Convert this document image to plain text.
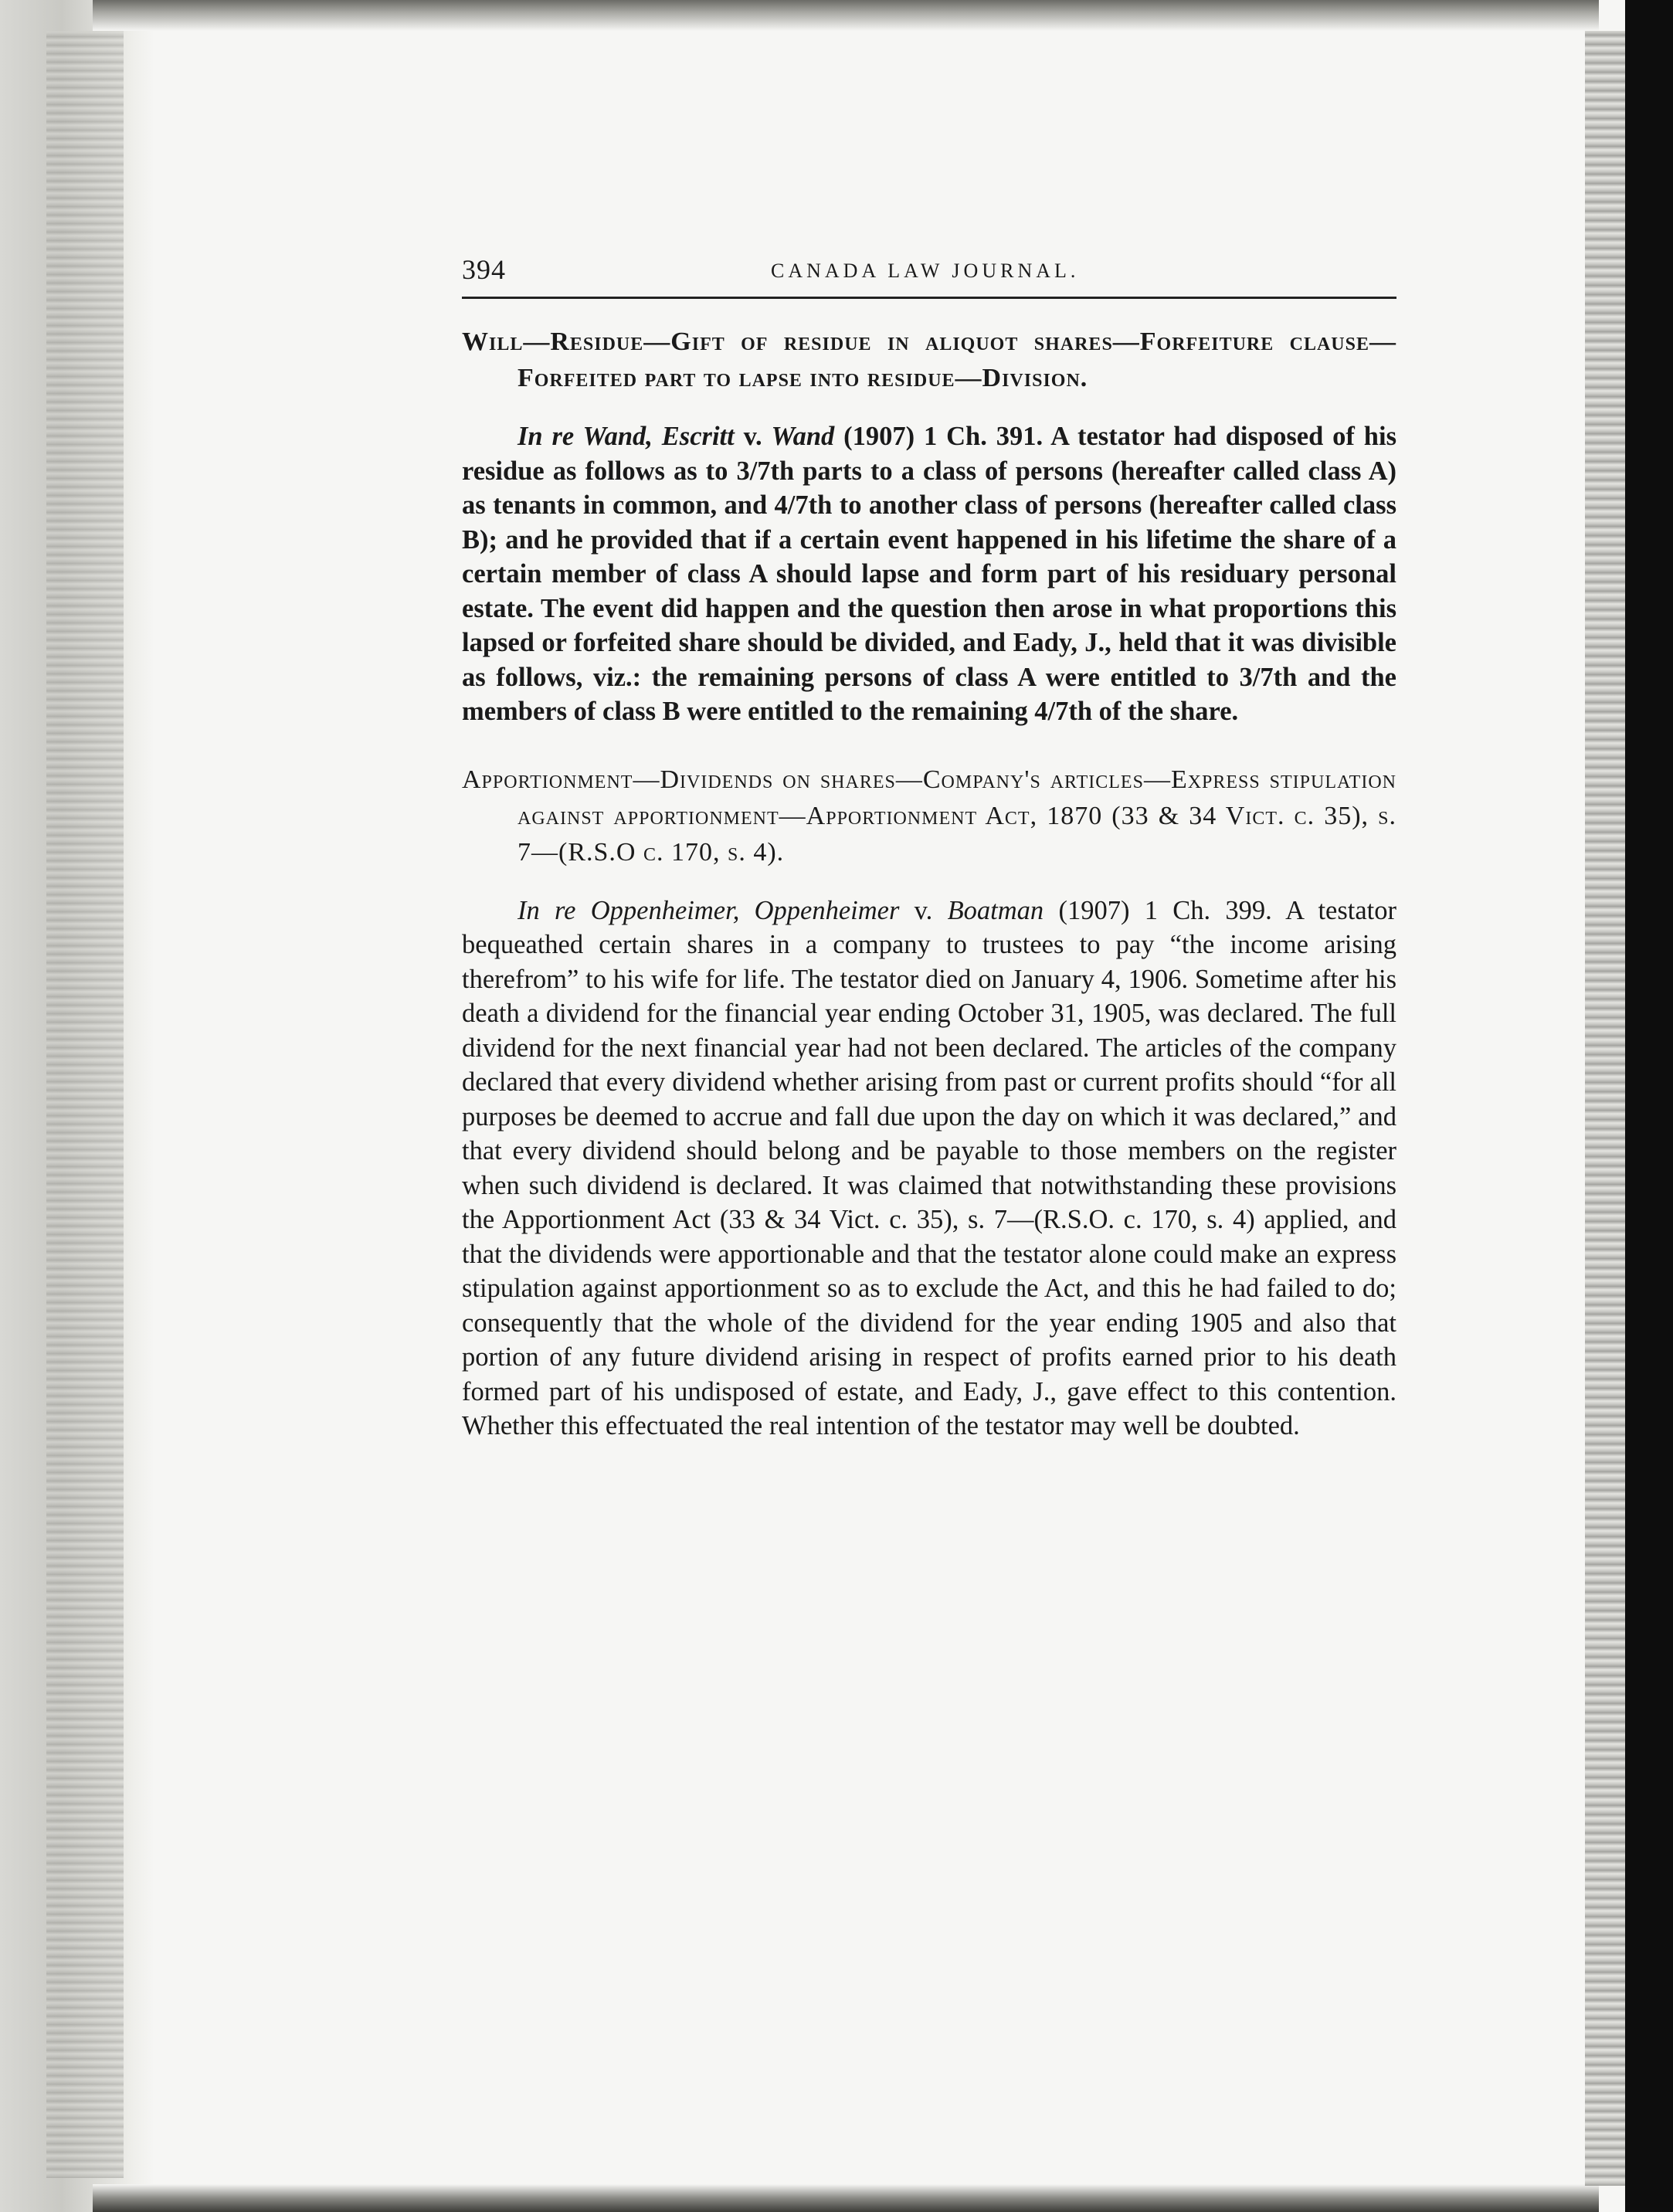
394	CANADA LAW JOURNAL.

Will—Residue—Gift of residue in aliquot shares—Forfeiture clause—Forfeited part to lapse into residue—Division.

In re Wand, Escritt v. Wand (1907) 1 Ch. 391. A testator had disposed of his residue as follows as to 3/7th parts to a class of persons (hereafter called class A) as tenants in common, and 4/7th to another class of persons (hereafter called class B); and he provided that if a certain event happened in his lifetime the share of a certain member of class A should lapse and form part of his residuary personal estate. The event did happen and the question then arose in what proportions this lapsed or forfeited share should be divided, and Eady, J., held that it was divisible as follows, viz.: the remaining persons of class A were entitled to 3/7th and the members of class B were entitled to the remaining 4/7th of the share.

Apportionment—Dividends on shares—Company's articles—Express stipulation against apportionment—Apportionment Act, 1870 (33 & 34 Vict. c. 35), s. 7—(R.S.O c. 170, s. 4).

In re Oppenheimer, Oppenheimer v. Boatman (1907) 1 Ch. 399. A testator bequeathed certain shares in a company to trustees to pay “the income arising therefrom” to his wife for life. The testator died on January 4, 1906. Sometime after his death a dividend for the financial year ending October 31, 1905, was declared. The full dividend for the next financial year had not been declared. The articles of the company declared that every dividend whether arising from past or current profits should “for all purposes be deemed to accrue and fall due upon the day on which it was declared,” and that every dividend should belong and be payable to those members on the register when such dividend is declared. It was claimed that notwithstanding these provisions the Apportionment Act (33 & 34 Vict. c. 35), s. 7—(R.S.O. c. 170, s. 4) applied, and that the dividends were apportionable and that the testator alone could make an express stipulation against apportionment so as to exclude the Act, and this he had failed to do; consequently that the whole of the dividend for the year ending 1905 and also that portion of any future dividend arising in respect of profits earned prior to his death formed part of his undisposed of estate, and Eady, J., gave effect to this contention. Whether this effectuated the real intention of the testator may well be doubted.
